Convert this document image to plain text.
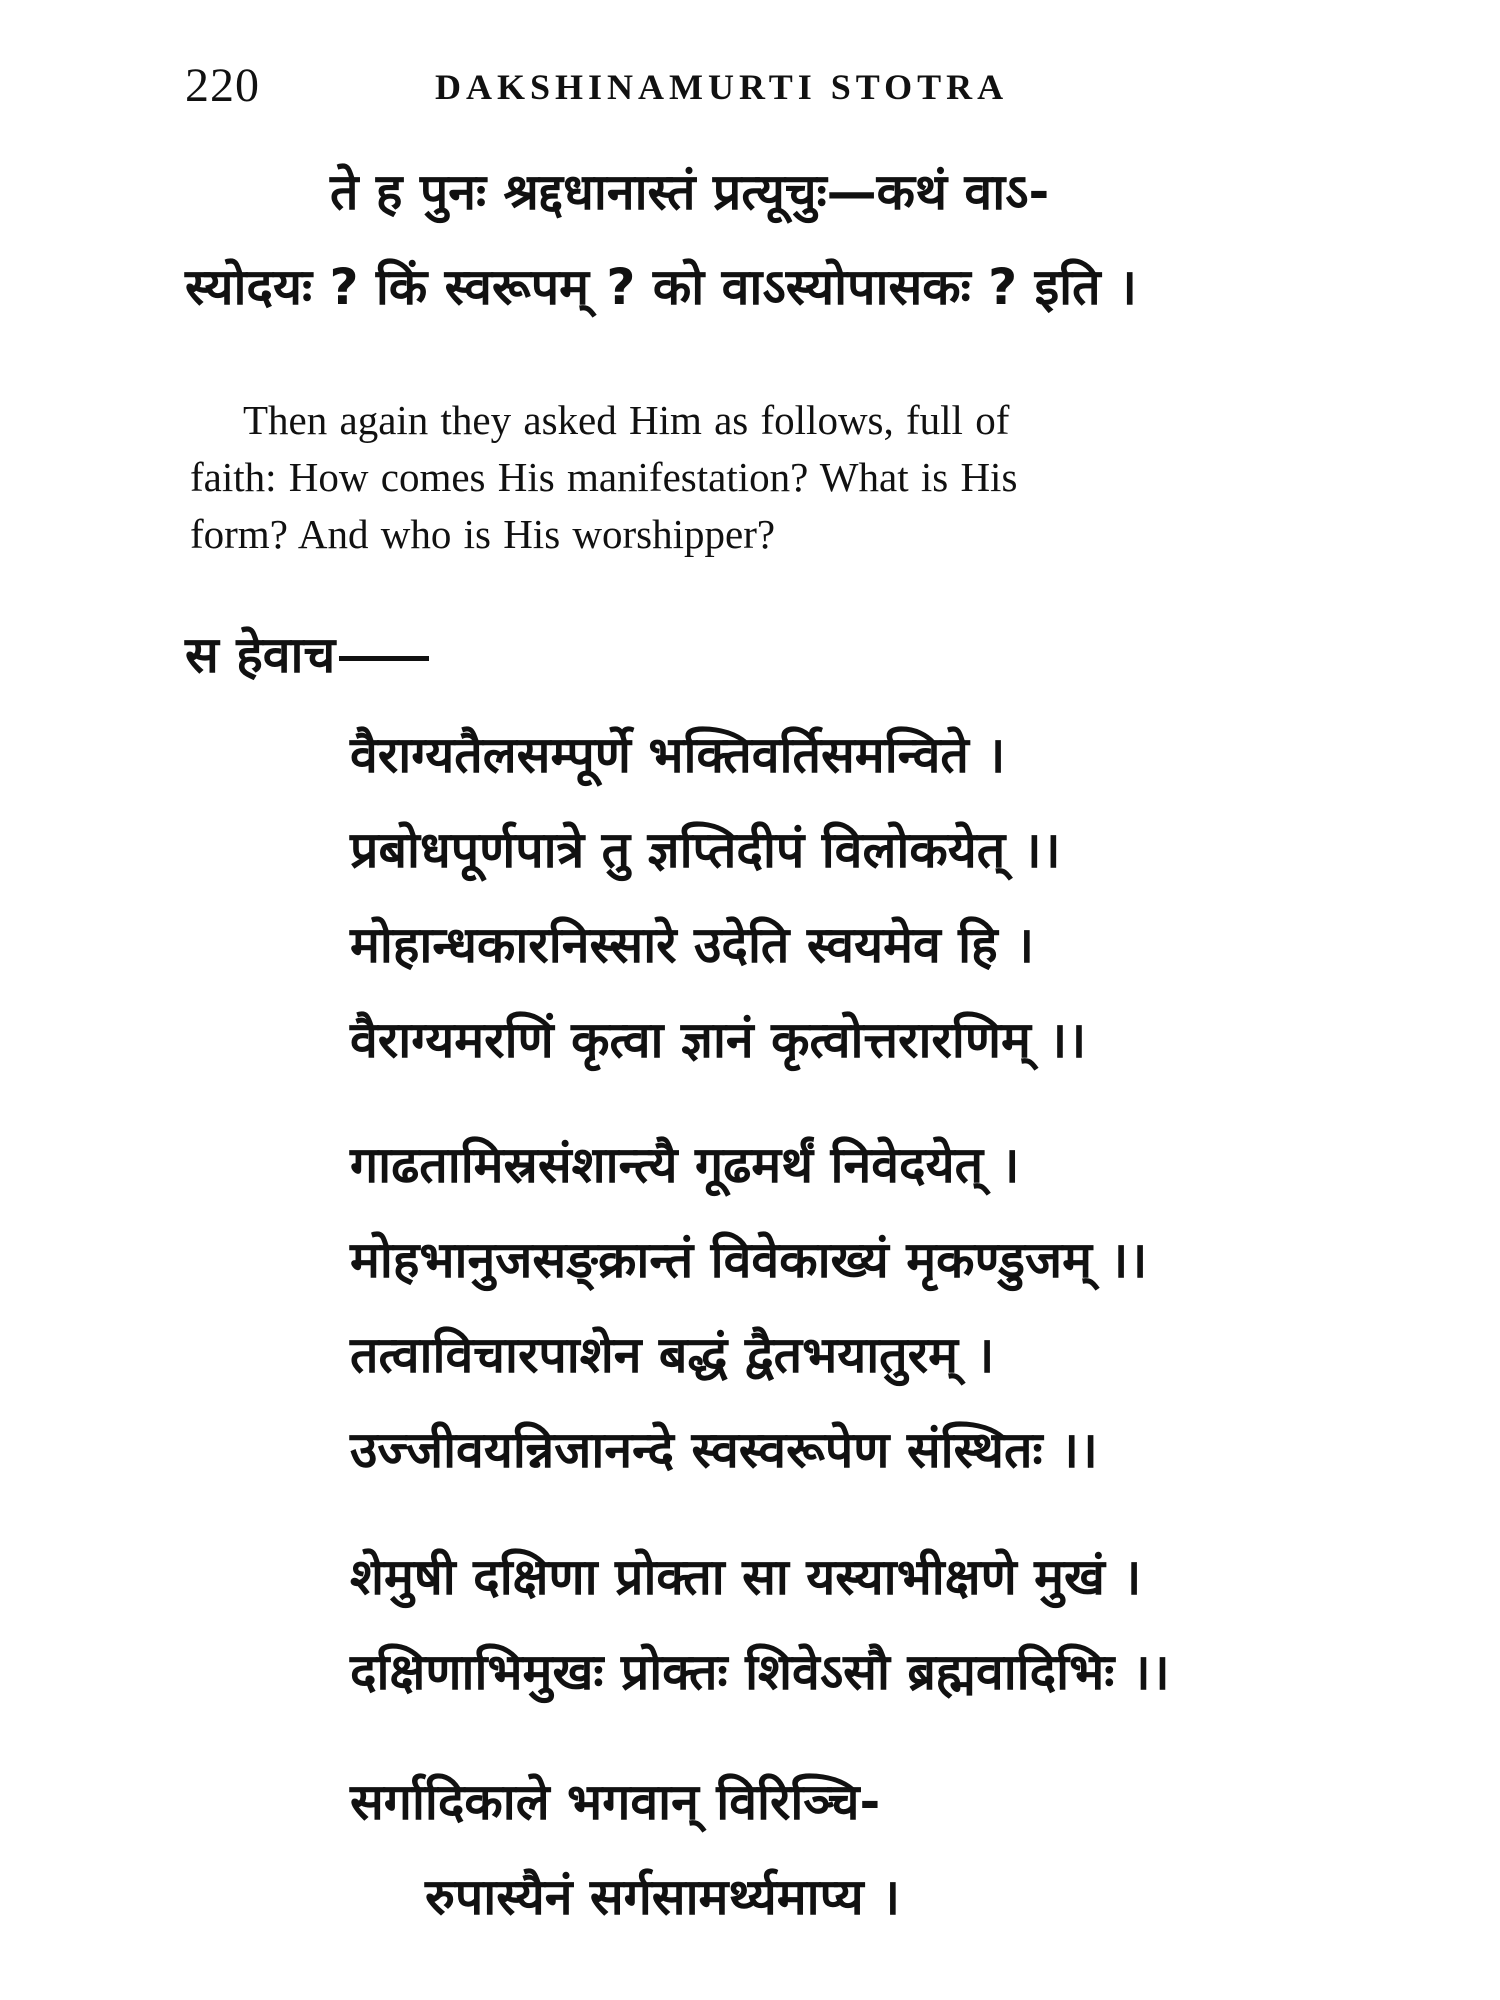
220	DAKSHINAMURTI STOTRA
ते ह पुनः श्रद्दधानास्तं प्रत्यूचुः—कथं वाऽ-
स्योदयः ? किं स्वरूपम् ? को वाऽस्योपासकः ? इति ।
Then again they asked Him as follows, full of
faith: How comes His manifestation? What is His
form? And who is His worshipper?
स हेवाच
वैराग्यतैलसम्पूर्णे भक्तिवर्तिसमन्विते ।
प्रबोधपूर्णपात्रे तु ज्ञप्तिदीपं विलोकयेत् ।।
मोहान्धकारनिस्सारे उदेति स्वयमेव हि ।
वैराग्यमरणिं कृत्वा ज्ञानं कृत्वोत्तरारणिम् ।।
गाढतामिस्रसंशान्त्यै गूढमर्थं निवेदयेत् ।
मोहभानुजसङ्क्रान्तं विवेकाख्यं मृकण्डुजम् ।।
तत्वाविचारपाशेन बद्धं द्वैतभयातुरम् ।
उज्जीवयन्निजानन्दे स्वस्वरूपेण संस्थितः ।।
शेमुषी दक्षिणा प्रोक्ता सा यस्याभीक्षणे मुखं ।
दक्षिणाभिमुखः प्रोक्तः शिवेऽसौ ब्रह्मवादिभिः ।।
सर्गादिकाले भगवान् विरिञ्चि-
रुपास्यैनं सर्गसामर्थ्यमाप्य ।
